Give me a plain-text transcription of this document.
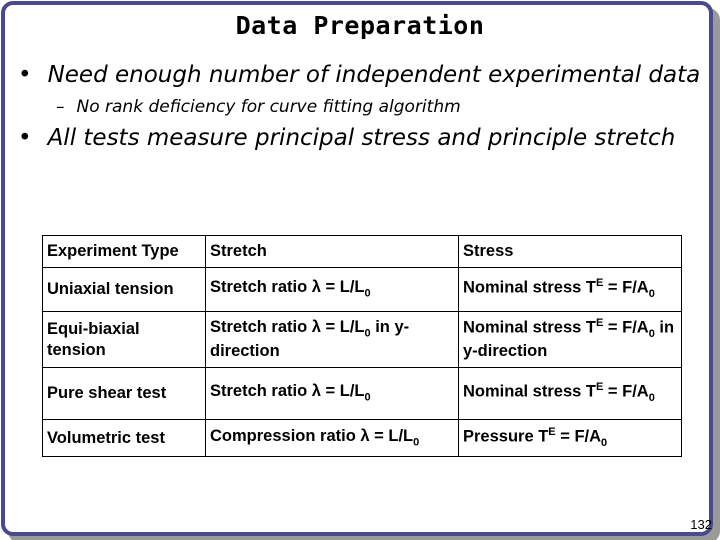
Data Preparation
• Need enough number of independent experimental data
– No rank deficiency for curve fitting algorithm
• All tests measure principal stress and principle stretch
Experiment Type	Stretch	Stress
Uniaxial tension	Stretch ratio $\lambda = L/L_0$	Nominal stress $T^E = F/A_0$
Equi-biaxial tension	Stretch ratio $\lambda = L/L_0$ in y-direction	Nominal stress $T^E = F/A_0$ in y-direction
Pure shear test	Stretch ratio $\lambda = L/L_0$	Nominal stress $T^E = F/A_0$
Volumetric test	Compression ratio $\lambda = L/L_0$	Pressure $T^E = F/A_0$
132
